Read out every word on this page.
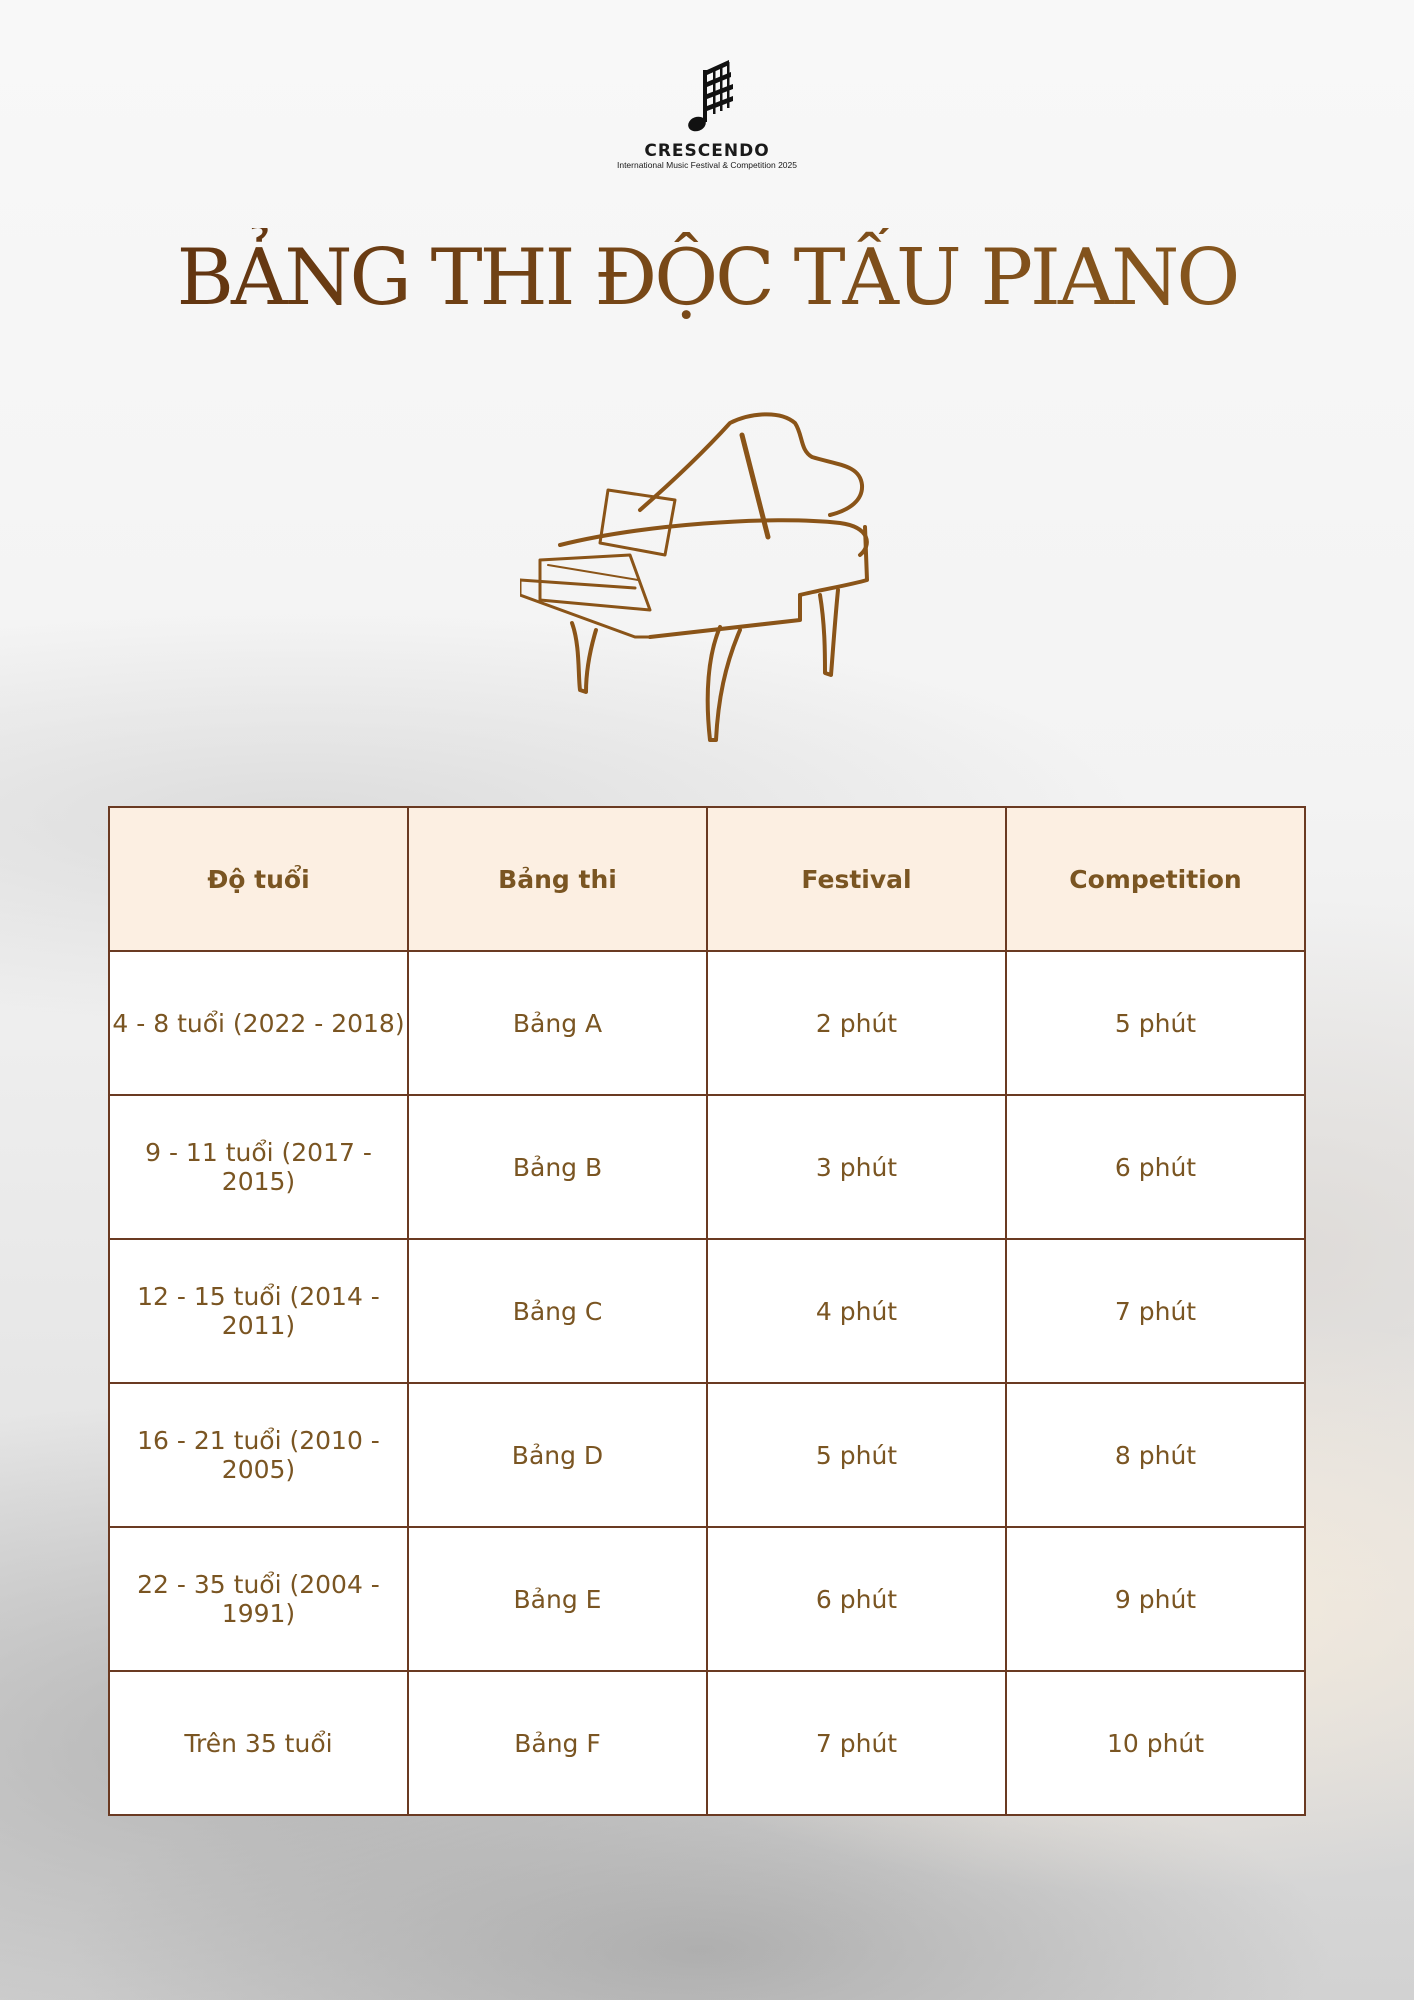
CRESCENDO
International Music Festival & Competition 2025
BẢNG THI ĐỘC TẤU PIANO
Độ tuổi	Bảng thi	Festival	Competition
4 - 8 tuổi (2022 - 2018)	Bảng A	2 phút	5 phút
9 - 11 tuổi (2017 - 2015)	Bảng B	3 phút	6 phút
12 - 15 tuổi (2014 - 2011)	Bảng C	4 phút	7 phút
16 - 21 tuổi (2010 - 2005)	Bảng D	5 phút	8 phút
22 - 35 tuổi (2004 - 1991)	Bảng E	6 phút	9 phút
Trên 35 tuổi	Bảng F	7 phút	10 phút
